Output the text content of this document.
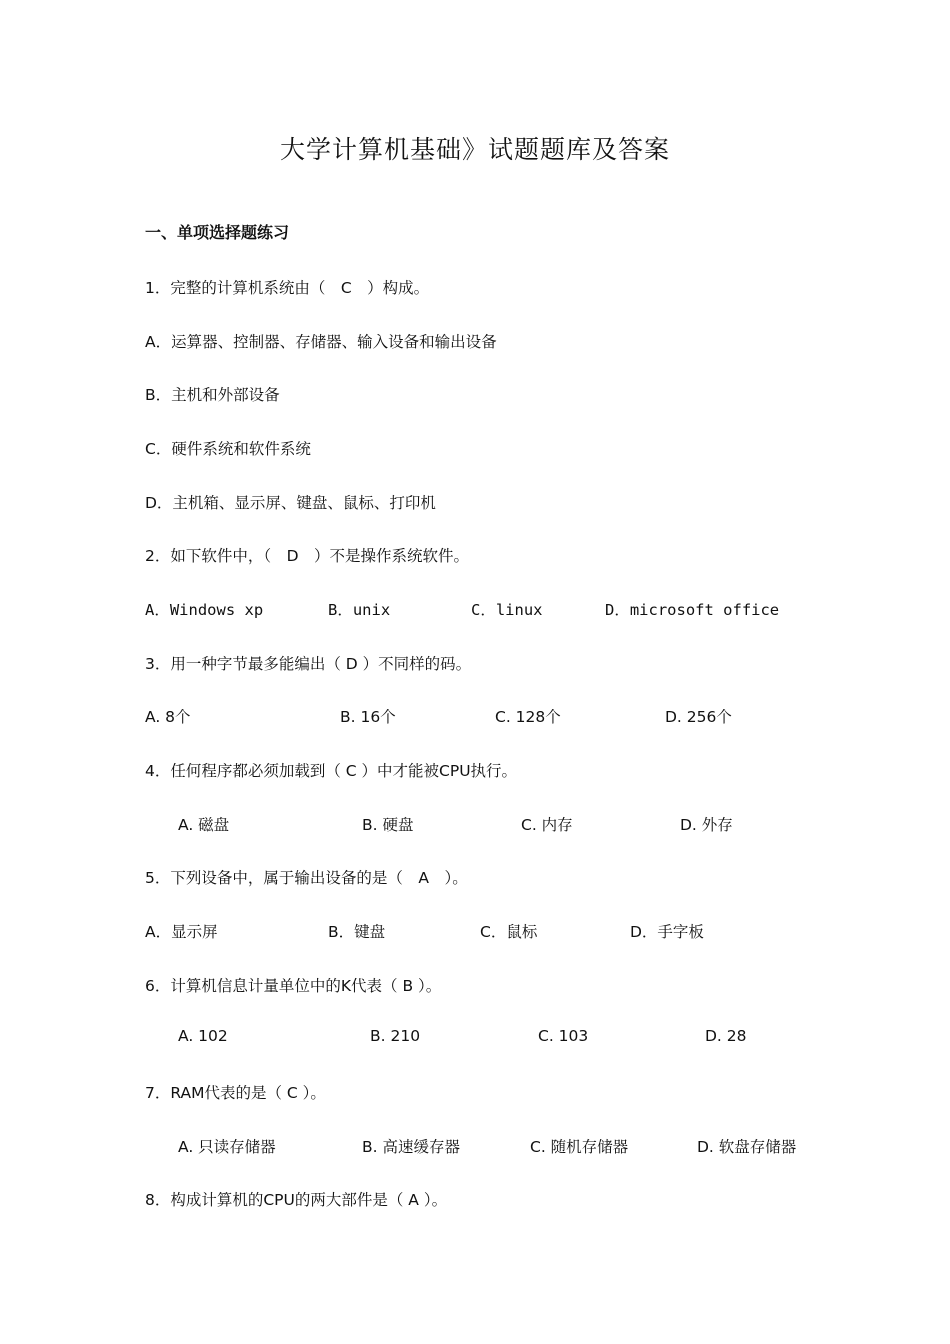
大学计算机基础》试题题库及答案
一、单项选择题练习
1．完整的计算机系统由（　C　）构成。
A．运算器、控制器、存储器、输入设备和输出设备
B．主机和外部设备
C．硬件系统和软件系统
D．主机箱、显示屏、键盘、鼠标、打印机
2．如下软件中，（　D　）不是操作系统软件。
A．Windows xp	B．unix	C．linux	D．microsoft office
3．用一种字节最多能编出（ D ）不同样的码。
A. 8个	B. 16个	C. 128个	D. 256个
4．任何程序都必须加载到（ C ）中才能被CPU执行。
A. 磁盘	B. 硬盘	C. 内存	D. 外存
5．下列设备中，属于输出设备的是（　A　）。
A．显示屏	B．键盘	C．鼠标	D．手字板
6．计算机信息计量单位中的K代表（ B ）。
A. 102	B. 210	C. 103	D. 28
7．RAM代表的是（ C ）。
A. 只读存储器	B. 高速缓存器	C. 随机存储器	D. 软盘存储器
8．构成计算机的CPU的两大部件是（ A ）。
